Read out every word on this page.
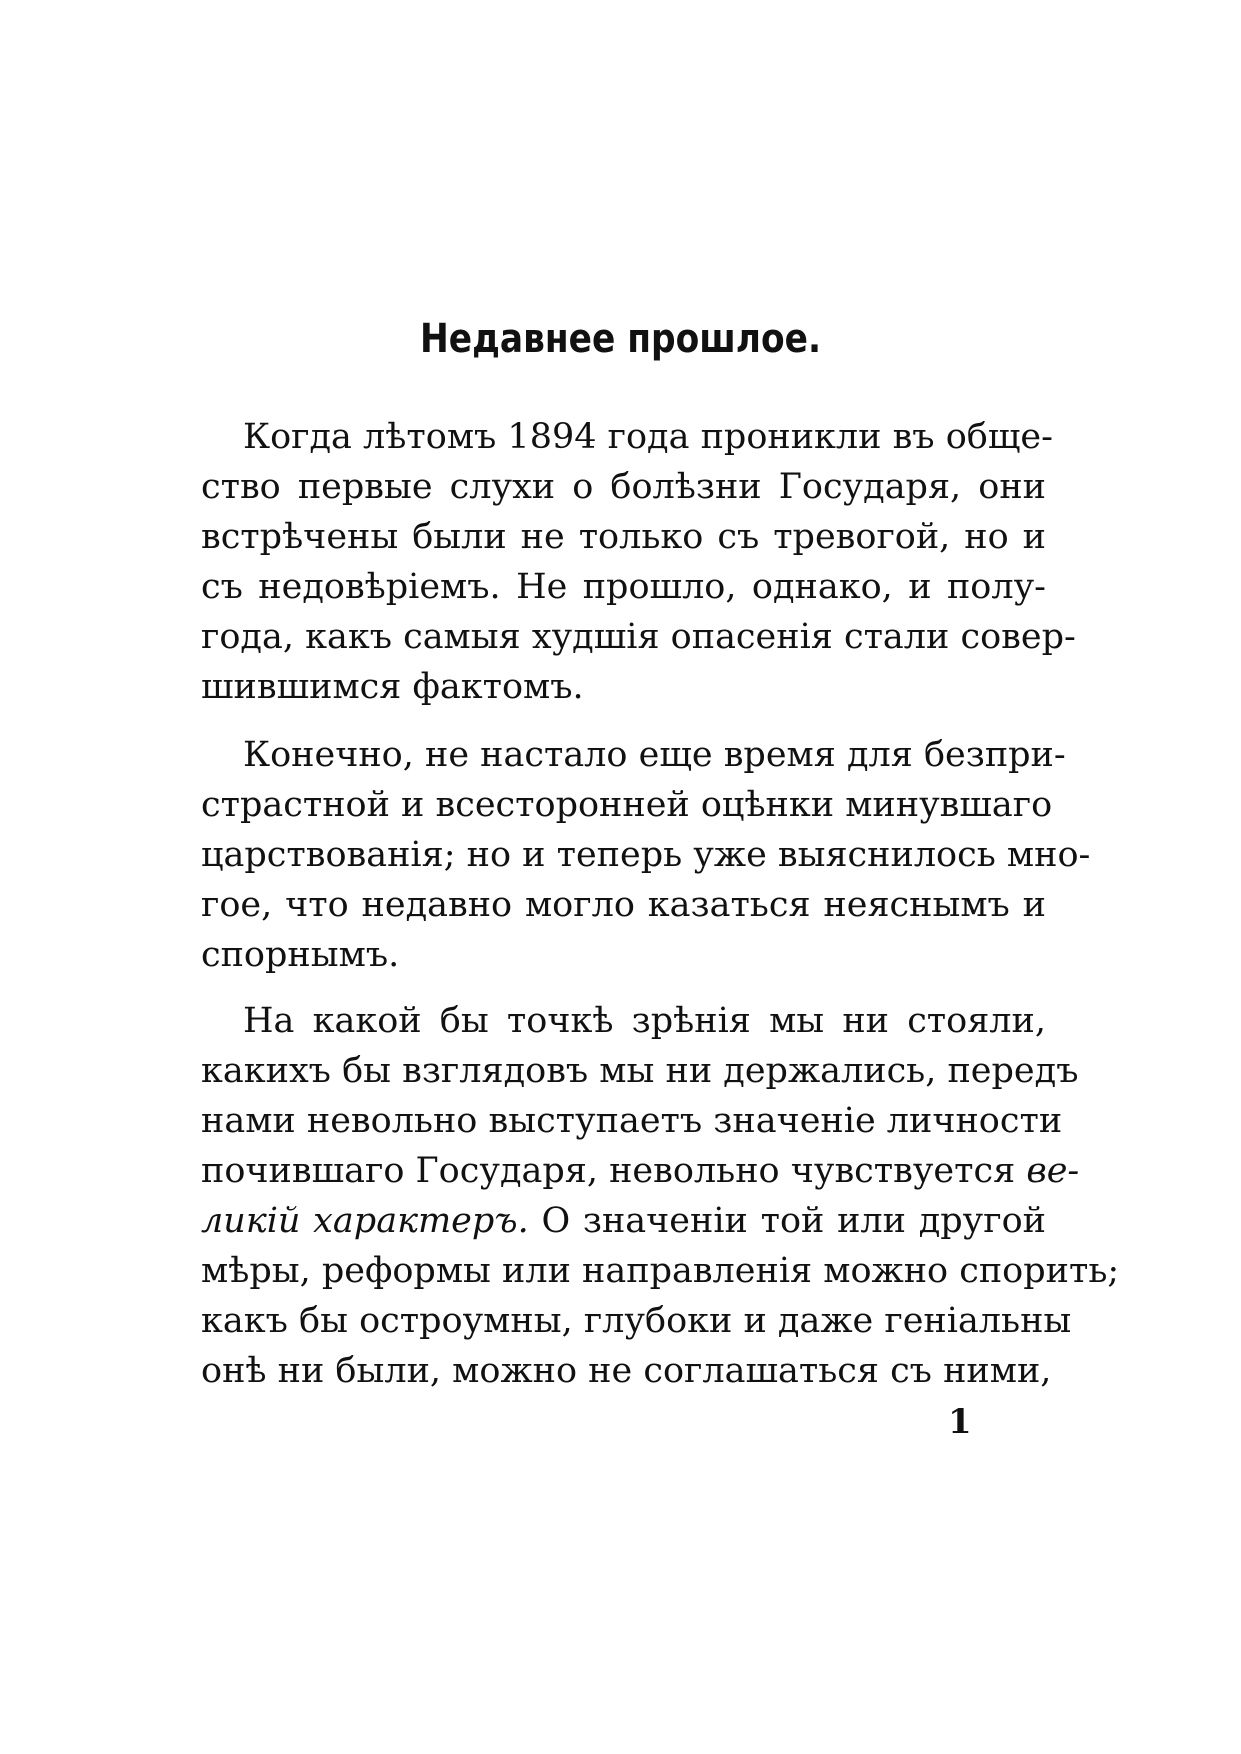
Недавнее прошлое.
Когда лѣтомъ 1894 года проникли въ обще-
ство первые слухи о болѣзни Государя, они
встрѣчены были не только съ тревогой, но и
съ недовѣріемъ. Не прошло, однако, и полу-
года, какъ самыя худшія опасенія стали совер-
шившимся фактомъ.
Конечно, не настало еще время для безпри-
страстной и всесторонней оцѣнки минувшаго
царствованія; но и теперь уже выяснилось мно-
гое, что недавно могло казаться неяснымъ и
спорнымъ.
На какой бы точкѣ зрѣнія мы ни стояли,
какихъ бы взглядовъ мы ни держались, передъ
нами невольно выступаетъ значеніе личности
почившаго Государя, невольно чувствуется ве-
ликій характеръ. О значеніи той или другой
мѣры, реформы или направленія можно спорить;
какъ бы остроумны, глубоки и даже геніальны
онѣ ни были, можно не соглашаться съ ними,

1
